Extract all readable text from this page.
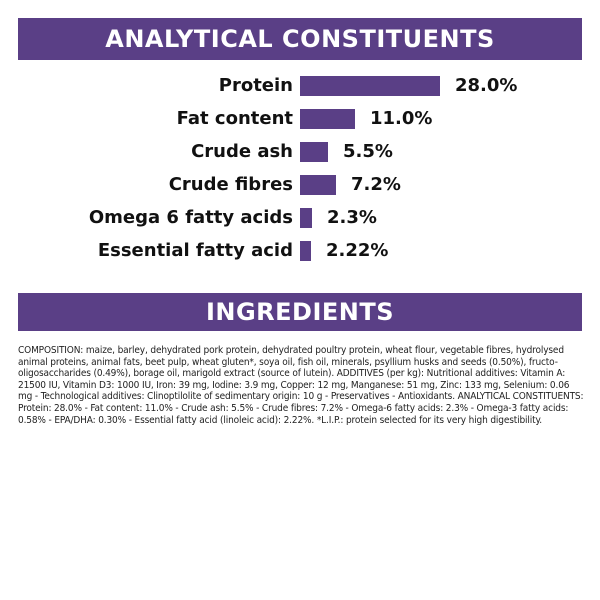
ANALYTICAL CONSTITUENTS
Protein	28.0%
Fat content	11.0%
Crude ash	5.5%
Crude fibres	7.2%
Omega 6 fatty acids 2.3%
Essential fatty acid 2.22%
INGREDIENTS
COMPOSITION: maize, barley, dehydrated pork protein, dehydrated poultry protein, wheat flour, vegetable fibres, hydrolysed animal proteins, animal fats, beet pulp, wheat gluten*, soya oil, fish oil, minerals, psyllium husks and seeds (0.50%), fructo-oligosaccharides (0.49%), borage oil, marigold extract (source of lutein). ADDITIVES (per kg): Nutritional additives: Vitamin A: 21500 IU, Vitamin D3: 1000 IU, Iron: 39 mg, Iodine: 3.9 mg, Copper: 12 mg, Manganese: 51 mg, Zinc: 133 mg, Selenium: 0.06 mg - Technological additives: Clinoptilolite of sedimentary origin: 10 g - Preservatives - Antioxidants. ANALYTICAL CONSTITUENTS: Protein: 28.0% - Fat content: 11.0% - Crude ash: 5.5% - Crude fibres: 7.2% - Omega-6 fatty acids: 2.3% - Omega-3 fatty acids: 0.58% - EPA/DHA: 0.30% - Essential fatty acid (linoleic acid): 2.22%. *L.I.P.: protein selected for its very high digestibility.
